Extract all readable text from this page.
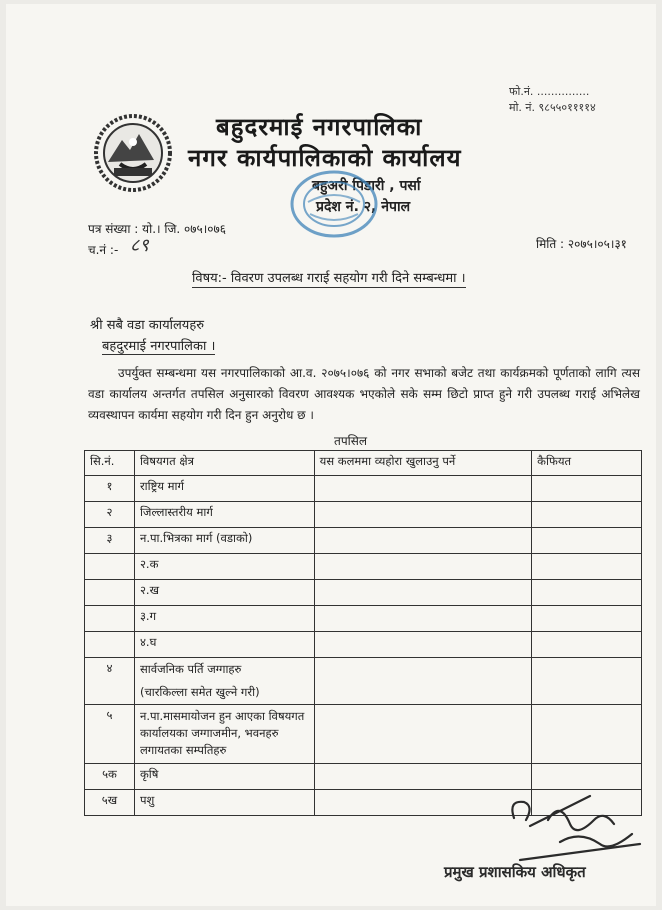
फो.नं. ...............
मो. नं. ९८५५०११११४
बहुदरमाई नगरपालिका
नगर कार्यपालिकाको कार्यालय
बहुअरी पिडारी , पर्सा
प्रदेश नं. २, नेपाल
पत्र संख्या : यो.। जि. ०७५।०७६
च.नं :- ८९	मिति : २०७५।०५।३१
विषय:- विवरण उपलब्ध गराई सहयोग गरी दिने सम्बन्धमा ।
श्री सबै वडा कार्यालयहरु
बहदुरमाई नगरपालिका ।
उपर्युक्त सम्बन्धमा यस नगरपालिकाको आ.व. २०७५।०७६ को नगर सभाको बजेट तथा कार्यक्रमको पूर्णताको लागि त्यस वडा कार्यालय अन्तर्गत तपसिल अनुसारको विवरण आवश्यक भएकोले सके सम्म छिटो प्राप्त हुने गरी उपलब्ध गराई अभिलेख व्यवस्थापन कार्यमा सहयोग गरी दिन हुन अनुरोध छ ।
तपसिल
सि.नं.	विषयगत क्षेत्र	यस कलममा व्यहोरा खुलाउनु पर्ने	कैफियत
१	राष्ट्रिय मार्ग		
२	जिल्लास्तरीय मार्ग		
३	न.पा.भित्रका मार्ग (वडाको)		
	२.क		
	२.ख		
	३.ग		
	४.घ		
४	सार्वजनिक पर्ति जग्गाहरु
(चारकिल्ला समेत खुल्ने गरी)		

५	न.पा.मासमायोजन हुन आएका विषयगत कार्यालयका जग्गाजमीन, भवनहरु लगायतका सम्पतिहरु		
५क	कृषि		
५ख	पशु		
प्रमुख प्रशासकिय अधिकृत
